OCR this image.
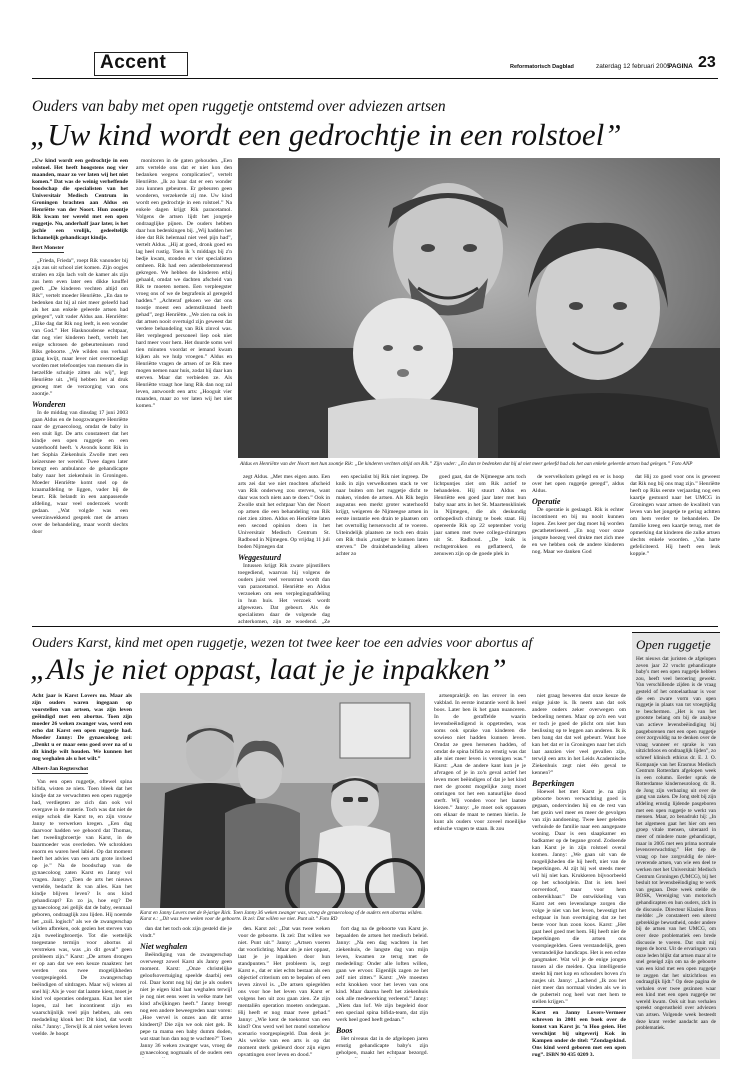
Accent	Reformatorisch Dagblad	zaterdag 12 februari 2005
PAGINA 23
Ouders van baby met open ruggetje ontstemd over adviezen artsen
„Uw kind wordt een gedrochtje in een rolstoel”

„Uw kind wordt een gedrochtje in een rolstoel. Het heeft hoogstens nog vier maanden, maar zo ver laten wij het niet komen.” Dat was de weinig verheffende boodschap die specialisten van het Universitair Medisch Centrum in Groningen brachten aan Aldus en Henriëtte van der Noort. Hun zoontje Rik kwam ter wereld met een open ruggetje. Nu, anderhalf jaar later, is het jochie een vrolijk, gedeeltelijk lichamelijk gehandicapt kindje.

Bert Monster

„Frieda, Frieda”, roept Rik vanonder bij zijn zus uit school ziet komen. Zijn oogjes stralen en zijn lach volt de kamer als zijn zus hem even later een dikke knuffel geeft. „De kinderen vechten altijd om Rik”, vertelt moeder Henriëtte. „En dan te bedenken dat hij al niet meer geleefd had als het aan enkele geleerde artsen had gelegen”, valt vader Aldus aan. Henriëtte: „Elke dag dat Rik nog leeft, is een wonder van God.” Het Hasknoudense echtpaar, dat nog vier kinderen heeft, vertelt het enige schrosen de gebeurtenissen rond Riks geboorte. „We wilden ons verhaal graag kwijt, maar lever niet overmoedigt worden met telefoontjes van mensen die in hetzelfde schuitje zitten als wij”, legt Henriëtte uit. „Wij hebben het al druk genoeg met de verzorging van ons zoontje.”

Wonderen

In de middag van dinsdag 17 juni 2003 gaan Aldus en de hoogzwangere Henriëtte naar de gynaecoloog, omdat de baby in een stuit ligt. De arts constateert dat het kindje een open ruggetje en een waterhoofd heeft. 's Avonds komt Rik in het Sophia Ziekenhuis Zwolle met een keizersnee ter wereld. Twee dagen later brengt een ambulance de gehandicapte baby naar het ziekenhuis in Groningen. Moeder Henriëtte komt snel op de kraamafdeling te liggen, vader bij de beurt. Rik belandt in een aanpassende afdeling, waar veel onderzoek wordt gedaan. „Wat volgde was een weerzinwekkend gesprek met de artsen over de behandeling, maar wordt slechts door

monitoren in de gaten gehouden. „Een arts vertelde ons dat er niet kon den bedanken wegens complicaties”, vertelt Henriëtte. „Ik zo haar dat er een wonder zou kunnen gebeuren. Er gebeuren geen wonderen, verzekerde zij me. Uw kind wordt een gedrochtje in een rolstoel.” Na enkele dagen krijgt Rik paracetamol. Volgens de artsen lijdt het jongetje ondraaglijke pijnen. De ouders hebben daar hun bedenkingen bij. „Wij hadden het idee dat Rik helemaal niet veel pijn had”, vertelt Aldus. „Hij at goed, dronk goed en lag heel rustig. Toen ik 's middags bij z'n bedje kwam, stonden er vier specialisten omheen. Rik had een adembelemmerend gekregen. We hebben de kinderen erbij gehaald, omdat we dachten afscheid van Rik te moeten nemen. Een verpleegster vroeg ons of we de begrafenis al geregeld hadden.” „Achteraf gekoen we dat ons toostje moest een ademstilstand heeft gehad”, zegt Henriëtte. „We zien na ook in dat artsen nooit overtuigd zijn geweest dat verdere behandeling van Rik zinvol was. Het verplegend personeel liep ook niet hard meer voor hem. Het duurde soms wel tien minuten voordat er iemand kwam kijken als we hulp vroegen.” Aldus en Henriëtte vragen de artsen of ze Rik mee mogen nemen naar huis, zodat hij daar kan sterven. Maar dat verbieden ze. Als Henriëtte vraagt hoe lang Rik dan nog zal leven, antwoordt een arts: „Hooguit vier maanden, maar zo ver laten wij het niet komen.”

Aldus en Henriëtte van der Noort met hun zoontje Rik: „De kinderen vechten altijd om Rik.” Zijn vader: „En dan te bedenken dat hij al niet meer geleefd had als het aan enkele geleerde artsen had gelegen.” Foto ANP

zegt Aldus. „Met mes eigen auto. Een arts zei dat we niet mochten afscheid van Rik onderweg zou sterven, want daar was toch niets aan te doen.” Ook in Zwolle stuit het echtpaar Van der Noort op artsen die een behandeling van Rik niet zien zitten. Aldus en Henriëtte laten een second opinion doen in het Universitair Medisch Centrum St. Radboud in Nijmegen. Op vrijdag 11 juli boden Nijmegen dat

Weggestuurd

Intussen krijgt Rik zware pijnstillers toegediend, waarvan hij volgens de ouders juist veel verontrust wordt dan van paracetamol. Henriëtte en Aldus verzoeken om een verplegingsafdeling in hun huis. Het verzoek wordt afgewezen. Dat gebeurt. Als de specialisten daar de volgende dag achterkomen, zijn ze woedend. „Ze

een specialist bij Rik niet ingreep. De knik in zijn verwelkomen stack te ver naar buiten om het ruggetje dicht te maken, vinden de artsen. Als Rik begin augustus een merkt groter waterhoofd krijgt, weigeren de Nijmeegse artsen in eerste instantie een drain te plaatsen om het overtollig hersenvocht af te voeren. Uiteindelijk plaatsen ze toch een drain om Rik thuis „rustiger te kunnen laten sterven.” De drainbehandeling alleen achter zo

goed gaat, dat de Nijmeegse arts toch lichtpuntjes ziet om Rik actief te behandelen. Hij stuurt Aldus en Henriëtte een goed jaar later met hun baby naar arts in het St. Maartenskliniek in Nijmegen, die als deskundig orthopedisch chirurg te boek staat. Hij opereerde Rik op 22 september vorig jaar samen met twee collega-chirurgen uit St. Radboud. „De knik is rechtgetrokken en geflatteerd, de zenuwen zijn op de goede plek in

de wervelkolom gelegd en er is hoop over het open ruggetje geregd”, aldus Aldus.

Operatie

De operatie is geslaagd. Rik is echter incontinent en bij nu nooit kunnen lopen. Zes keer per dag moet hij worden gecatheteriseerd. „En nog voor onze jongste hoezeg veel drukte met zich mee en we hebben ook de andere kinderen nog. Maar we danken God

dat Hij zo goed voor ons is geweest dat Rik nog bij ons mag zijn.” Henriëtte heeft op Riks eerste verjaardag nog een kaartje gestuurd naar het UMCG in Groningen waar artsen de kwaliteit van leven van het jongetje te gering achtten om hem verder te behandelen. De familie kreeg een kaartje terug, met de opmerking dat kinderen die zulke artsen slechts enkele woorden. „Van harte gefeliciteerd. Hij heeft een leuk koppie.”

Ouders Karst, kind met open ruggetje, wezen tot twee keer toe een advies voor abortus af
„Als je niet oppast, laat je je inpakken”

Acht jaar is Karst Lovers nu. Maar als zijn ouders waren ingegaan op voorstellen van artsen, was zijn leven geëindigd met een abortus. Toen zijn moeder 26 weken zwanger was, werd een echo dat Karst een open ruggetje had. Moeder Janny: De gynaecoloog zei: „Denkt u er maar eens goed over na of u dit kindje wilt houden. We kunnen het nog weghalen als u het wilt.”

Albert-Jan Regterschot

Van een open ruggetje, oftewel spina bifida, wisten ze niets. Toen bleek dat het kindje dat ze verwachtten een open ruggetje had, verdiepten ze zich dan ook vol overgave in de materie. Toch was dat niet de enige schok die Karst te, en zijn vrouw Janny te verwerken kregen. „Een dag daarvoor hadden we gehoord dat Thomas, het tweelingbroertje van Karst, in de baarmoeder was overleden. We schrokken enorm en waren heel labiel. Op dat moment heeft het advies van een arts grote invloed op je.” Na de boodschap van de gynaecoloog zaten Karst en Janny vol vragen. Janny: „Toen de arts het nieuws vertelde, bedacht ik van alles. Kan het kindje blijven leven? Is ons kind gehandicapt? En zo ja, hoe erg? De gynaecoloog zei gelijk dat de baby, eenmaal geboren, ondraaglijk zou lijden. Hij noemde het „zuiL logisch” als we de zwangerschap wilden afbreken, ook gezien het sterven van zijn tweelingbroertje. Tot die wettelijk toegestane termijn voor abortus al verstreken was, was „in dit geval” geen probleem zijn.” Karst: „De artsen drongen er op aan dat we een keuze maakten: het werden ons twee mogelijkheden voorgespiegeld. De zwangerschap beëindigen of uitdragen. Maar wij wisten al snel hij: Als je voor dat laatste kiest, moet je kind vol operaties ondergaan. Kan het niet lopen, zal het incontinent zijn en waarschijnlijk veel pijn hebben, als een medadeling klonk het: Dit kind, dat wordt niks.” Janny: „Terwijl ik al niet weken leven voelde. Je hoopt

Karst en Janny Lovers met de 8-jarige Rick. Toen Janny 36 weken zwanger was, vroeg de gynaecoloog of de ouders een abortus wilden. Karst e.: „Dit was twee weken voor de geboorte. Ik zei: Dat willen we niet. Punt uit.” Foto RD

dan dat het toch ook zijn gesteld die je vindt.”

Niet weghalen

Beëindiging van de zwangerschap overweegt zowel Karst als Janny geen moment. Karst: „Onze christelijke geloofsovertuiging speelde daarbij een rol. Daar komt nog bij dat je als ouders niet je eigen kind laat weghalen terwijl je nog niet eens weet in welke mate het kind afwijkingen heeft.” Janny brengt nog een andere beweegreden naar voren: „Hoe vervel is onzes aan dit arme kindeertj? Die zijn we ook niet gek. Ik pepe ta mama een baby dumm doden, wat staat hun dan nog te wachten?” Toen Janny 36 weken zwanger was, vroeg de gynaecoloog nogmaals of de ouders een

den. Karst zei: „Dat was twee weken voor de geboorte. Ik zei: Dat willen we niet. Punt uit.” Janny: „Artsen voeren dat voorlichting. Maar als je niet oppast, laat je je inpakken door hun standpunten.” Het probleem is, zegt Karst e., dat er niet echts bestaat als een objectief criterium om te bepalen of een leven zinvol is. „De artsen spiegelden ons voor hoe het leven van Karst er volgens hen uit zou gaan zien. Ze zijn mentaliën operation moeten ondergaan. Hij heeft er nog maar twee gehad.” Janny: „Wie kent de toekomst van een kind? Ons werd wel het motel somehow scenario voorgespiegeld. Dan denk je: Als welcke van een arts is op dat moment sterk gekleurd door zijn eigen opvattingen over leven en dood.”

fort dag na de geboorte van Karst je. bepaalden de artsen het medisch beleid. Janny: „Na een dag wachten in het ziekenhuis, de langste dag van mijn leven, kwamen ze terug met de mededeling: Onder alle loften willen, gaan we ervoor. Eigenlijk zagen ze het zelf niet zitten.” Karst: „We moesten echt knokken voor het leven van ons kind. Maar daarna heeft het ziekenhuis ook alle medewerking verleend.” Janny: „Niets dan lof. We zijn begeleid door een speciaal spina bifida-team, dat zijn werk heel goed heeft gedaan.”

Boos

Het niveaus dat in de afgelopen jaren ernstig gehandicapte baby's zijn geholpen, maakt het echtpaar bezorgd.

artsenpraktijk en las erover in een vakblad. In eerste instantie werd ik heel boos. Later ben ik het gaan nuanceren. In de geraffelde waarin levensbeëindigend is opgetreden, was soms ook sprake van kinderen die sowieso niet hadden kunnen leven. Omdat ze geen hersenen hadden, of omdat de spina bifida zo ernstig was dat alle niet meer leven is verenigen was.” Karst: „Aan de andere kant kun je je afvragen of je in zo'n geval actief het leven moet beëindigen of dat je het kind met de grootst mogelijke zorg moet omringen tot het een natuurlijke dood sterft. Wij vonden voor het laatste kiezen.” Janny: „Je moet ook oppassen om elkaar de maat te nemen hierin. Je kunt als ouders voor zoveel moeilijke ethische vragen te staan. Ik zou

niet graag beweren dat onze keuze de enige juiste is. Ik neem aan dat ook andere ouders zeker overwegen om bedoeling nemen. Maar op zo'n een wat er toch je goed de plicht om niet hun beslissing op te leggen aan anderen. Ik ik ben bang dat dat wel gebeurt. Want hoe kan het dat er in Groningen naar het zich laat aanzien vier veel gevallen zijn, terwijl een arts in het Leids Academische Ziekenhuis zegt niet één geval te kennen?”

Beperkingen

Hoewel het met Karst je. na zijn geboorte boven verwachting goed is gegaan, ondervinden hij en de rest van het gezin wel meer en meer de gevolgen van zijn aandoening. Twee keer geleden verhuisde de familie naar een aangepaste woning. Daar is een slaapkamer en badkamer op de begane grond. Zodoende kan Karst je in zijn rolstoel overal komen. Janny: „We gaan uit van de mogelijkheden die hij heeft, niet van de beperkingen. Al zijt hij wel steeds meer wil hij niet kan. Krukkeren bijvoorbeeld op het schoolplein. Dat is iets heel oorverdoof, maar voor hem onbereikbaar.” De ontwikkeling van Karst zet een levenslange zorgen die volge je niet van het leven, bevestigt het echtpaar in hun overtuiging dat ze het beste voor hun zoon koos. Karst: „Het gaat heel goed met hem. Hij heeft niet de beperkingen die artsen ons voorspiegelden. Geen verstandelijk, geen verstandelijke handicaps. Het is een echte gangmaker. Wat wil je de enige jongen tussen al die meiden. Qua intelligentie steekt hij met kop en schouders boven z'n zusjes uit. Janny: „Lachend „Ik zou het niet meer dan normaal vinden als we in de puberteit nog heel wat met hem te stellen krijgen.”

Karst en Janny Lovers-Vermeer schreven in 2001 een boek over de komst van Karst jr. ‘n Hoo geien. Het verschijnt bij uitgeverij Kok in Kampen onder de titel: “Zondagskind. Ons kind werd geboren met een open rug”. ISBN 90 435 0209 3.

Open ruggetje
Het nieuws dat juristen de afgelopen zeven jaar 22 vrucht gehandicapte baby's met een open ruggetje hebben zou, heeft veel beroering gewekt. Van verschillende zijden is de vraag gesteld of het ontoelaatbaar is voor die een zware vorm van open ruggetje in plaats van tot vroegtijdig te beschermen. „Het is van het grootste belang om bij de analyse van actieve levensbeëindiging bij pasgeborenen met een open ruggetje over zorgvuldig na te denken over de vraag wanneer er sprake is van uitzichtloos en ondraaglijk lijden”, zo schreef klinisch ethicus dr. E. J. O. Kompanje van het Erasmus Medisch Centrum Rotterdam afgelopen week in een column. Eerder sprak de Rotterdamse kinderneuroloog dr. R. de Jong zijn verbazing uit over de gang van zaken. De Jong stelt bij zijn afdeling ernstig lijdende pasgeboren met een open ruggetje te werkt van mensen. Maar, zo benadrukt hij: „In het algemeen gaat het hier om een groep vitale mensen, uiteraard in meer of mindere mate gehandicapt, maar in 2005 met een prima normale levensverwachting.” Het tiep de vraag op hoe zorgvuldig de niet-reverende artsen, van wie een deel te werken met het Universitair Medisch Centrum Groningen (UMCG), bij het besluit tot levensbeëindiging te werk van gegaan. Deze week stelde de BOSK, Vereniging van motorisch gehandicapten en hun ouders, zich in de discussie. Directeur Klazien Bron meldde: „Je constateert een uiterst gebrekkige bewustheid, onder andere bij de artsen van het UMCG, om over deze problematiek een brede discussie te voeren. Dat stuit mij tegen de borst. Uit de ervaringen van onze leden blijkt dat artsen maar al te snel geneigd zijn om na de geboorte van een kind met een open ruggetje te zeggen dat het uitzichtloos en ondraaglijk lijdt.” Op deze pagina de verhalen over twee gezinnen waar een kind met een open ruggetje ter wereld kwam. Ook uit hun verhalen spreekt ongerustheid over adviezen van artsen. Volgende week besteedt deze krant verder aandacht aan de problematiek.
